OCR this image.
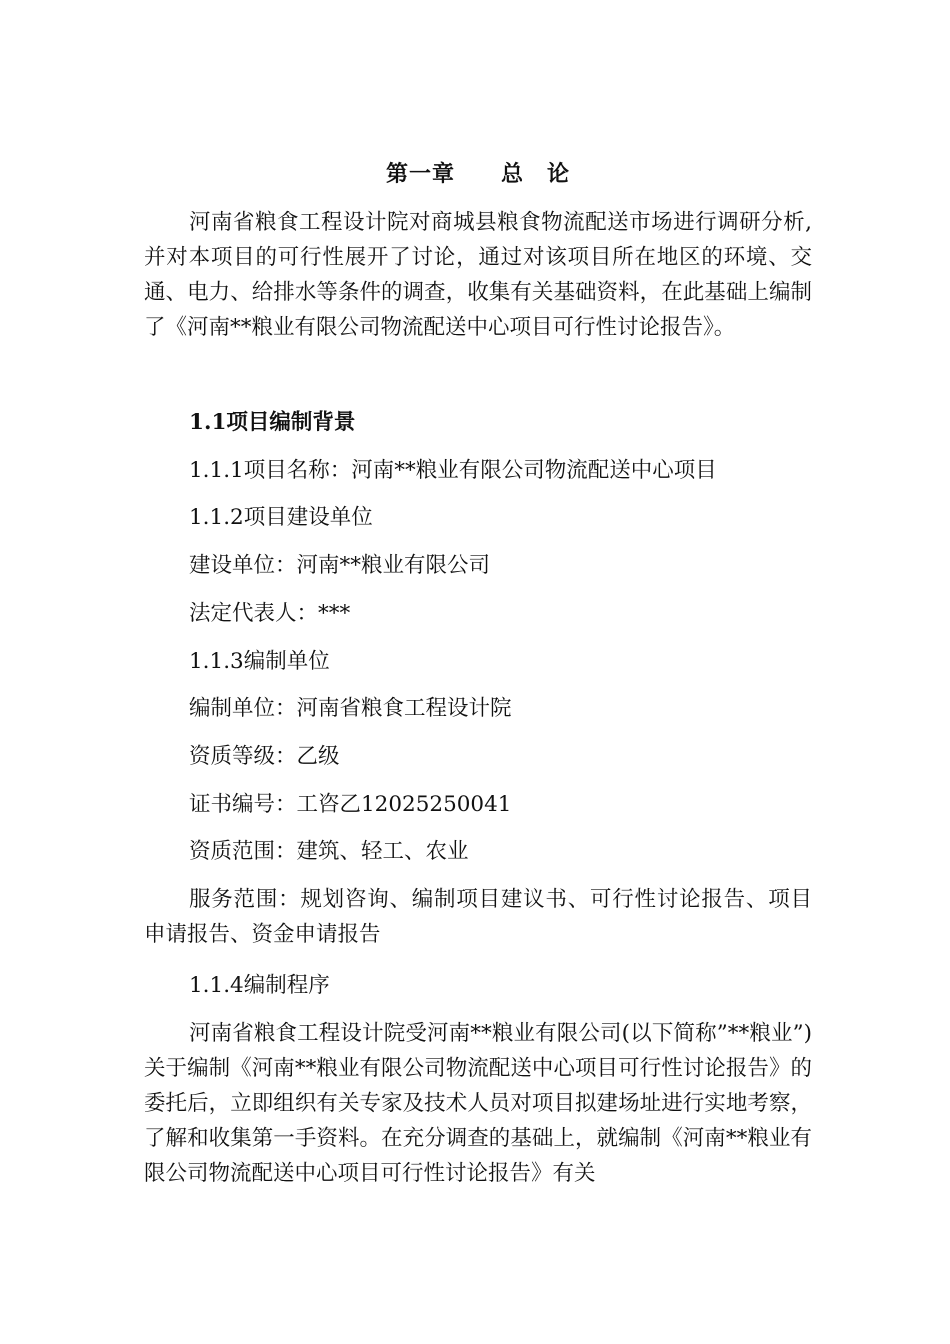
第一章　　总　论

河南省粮食工程设计院对商城县粮食物流配送市场进行调研分析,并对本项目的可行性展开了讨论，通过对该项目所在地区的环境、交通、电力、给排水等条件的调查，收集有关基础资料，在此基础上编制了《河南**粮业有限公司物流配送中心项目可行性讨论报告》。

1.1项目编制背景

1.1.1项目名称：河南**粮业有限公司物流配送中心项目

1.1.2项目建设单位

建设单位：河南**粮业有限公司

法定代表人：***

1.1.3编制单位

编制单位：河南省粮食工程设计院

资质等级：乙级

证书编号：工咨乙12025250041

资质范围：建筑、轻工、农业

服务范围：规划咨询、编制项目建议书、可行性讨论报告、项目申请报告、资金申请报告

1.1.4编制程序

河南省粮食工程设计院受河南**粮业有限公司(以下简称”**粮业”)关于编制《河南**粮业有限公司物流配送中心项目可行性讨论报告》的委托后，立即组织有关专家及技术人员对项目拟建场址进行实地考察，了解和收集第一手资料。在充分调查的基础上，就编制《河南**粮业有限公司物流配送中心项目可行性讨论报告》有关
